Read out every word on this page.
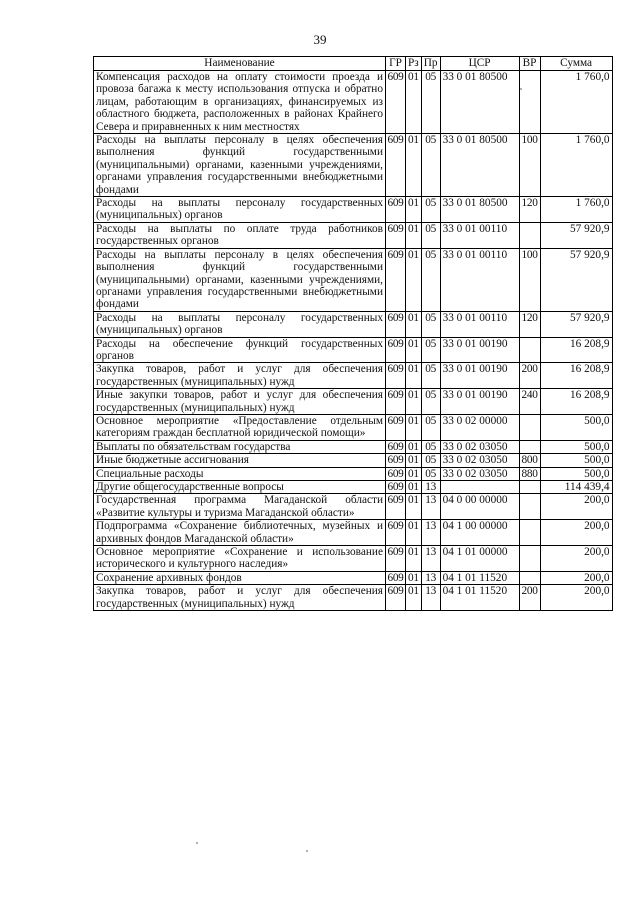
39
Наименование	ГР	Рз	Пр	ЦСР	ВР	Сумма
Компенсация расходов на оплату стоимости проезда и провоза багажа к месту использования отпуска и обратно лицам, работающим в организациях, финансируемых из областного бюджета, расположенных в районах Крайнего Севера и приравненных к ним местностях	609	01	05	33 0 01 80500		1 760,0
Расходы на выплаты персоналу в целях обеспечения выполнения функций государственными (муниципальными) органами, казенными учреждениями, органами управления государственными внебюджетными фондами	609	01	05	33 0 01 80500	100	1 760,0
Расходы на выплаты персоналу государственных (муниципальных) органов	609	01	05	33 0 01 80500	120	1 760,0
Расходы на выплаты по оплате труда работников государственных органов	609	01	05	33 0 01 00110		57 920,9
Расходы на выплаты персоналу в целях обеспечения выполнения функций государственными (муниципальными) органами, казенными учреждениями, органами управления государственными внебюджетными фондами	609	01	05	33 0 01 00110	100	57 920,9
Расходы на выплаты персоналу государственных (муниципальных) органов	609	01	05	33 0 01 00110	120	57 920,9
Расходы на обеспечение функций государственных органов	609	01	05	33 0 01 00190		16 208,9
Закупка товаров, работ и услуг для обеспечения государственных (муниципальных) нужд	609	01	05	33 0 01 00190	200	16 208,9
Иные закупки товаров, работ и услуг для обеспечения государственных (муниципальных) нужд	609	01	05	33 0 01 00190	240	16 208,9
Основное мероприятие «Предоставление отдельным категориям граждан бесплатной юридической помощи»	609	01	05	33 0 02 00000		500,0
Выплаты по обязательствам государства	609	01	05	33 0 02 03050		500,0
Иные бюджетные ассигнования	609	01	05	33 0 02 03050	800	500,0
Специальные расходы	609	01	05	33 0 02 03050	880	500,0
Другие общегосударственные вопросы	609	01	13			114 439,4
Государственная программа Магаданской области «Развитие культуры и туризма Магаданской области»	609	01	13	04 0 00 00000		200,0
Подпрограмма «Сохранение библиотечных, музейных и архивных фондов Магаданской области»	609	01	13	04 1 00 00000		200,0
Основное мероприятие «Сохранение и использование исторического и культурного наследия»	609	01	13	04 1 01 00000		200,0
Сохранение архивных фондов	609	01	13	04 1 01 11520		200,0
Закупка товаров, работ и услуг для обеспечения государственных (муниципальных) нужд	609	01	13	04 1 01 11520	200	200,0
